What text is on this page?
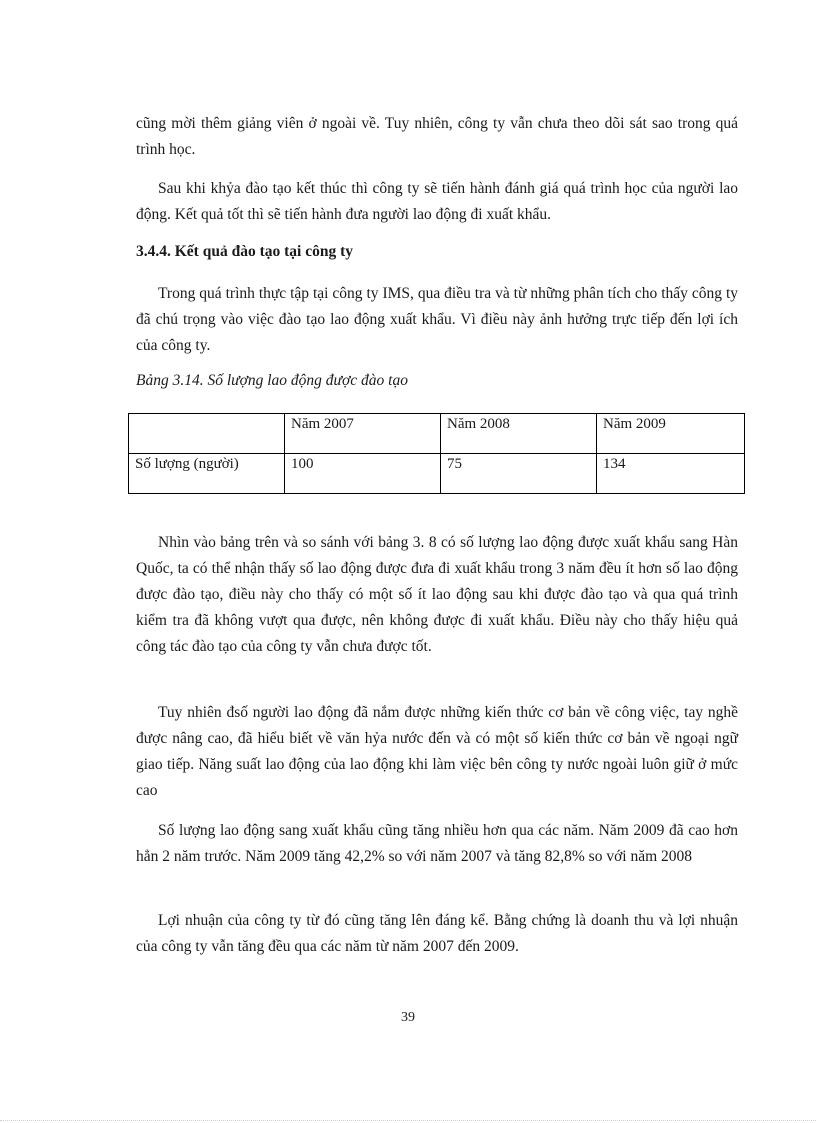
cũng mời thêm giảng viên ở ngoài về. Tuy nhiên, công ty vẫn chưa theo dõi sát sao trong quá trình học.

Sau khi khỷa đào tạo kết thúc thì công ty sẽ tiến hành đánh giá quá trình học của người lao động. Kết quả tốt thì sẽ tiến hành đưa người lao động đi xuất khẩu.

3.4.4. Kết quả đào tạo tại công ty

Trong quá trình thực tập tại công ty IMS, qua điều tra và từ những phân tích cho thấy công ty đã chú trọng vào việc đào tạo lao động xuất khẩu. Vì điều này ảnh hưởng trực tiếp đến lợi ích của công ty.

Bảng 3.14. Số lượng lao động được đào tạo

	Năm 2007	Năm 2008	Năm 2009
Số lượng (người)	100	75	134

Nhìn vào bảng trên và so sánh với bảng 3. 8 có số lượng lao động được xuất khẩu sang Hàn Quốc, ta có thể nhận thấy số lao động được đưa đi xuất khẩu trong 3 năm đều ít hơn số lao động được đào tạo, điều này cho thấy có một số ít lao động sau khi được đào tạo và qua quá trình kiểm tra đã không vượt qua được, nên không được đi xuất khẩu. Điều này cho thấy hiệu quả công tác đào tạo của công ty vẫn chưa được tốt.

Tuy nhiên đsố người lao động đã nắm được những kiến thức cơ bản về công việc, tay nghề được nâng cao, đã hiểu biết về văn hỷa nước đến và có một số kiến thức cơ bản về ngoại ngữ giao tiếp. Năng suất lao động của lao động khi làm việc bên công ty nước ngoài luôn giữ ở mức cao

Số lượng lao động sang xuất khẩu cũng tăng nhiều hơn qua các năm. Năm 2009 đã cao hơn hẳn 2 năm trước. Năm 2009 tăng 42,2% so với năm 2007 và tăng 82,8% so với năm 2008

Lợi nhuận của công ty từ đó cũng tăng lên đáng kể. Bằng chứng là doanh thu và lợi nhuận của công ty vẫn tăng đều qua các năm từ năm 2007 đến 2009.

39
